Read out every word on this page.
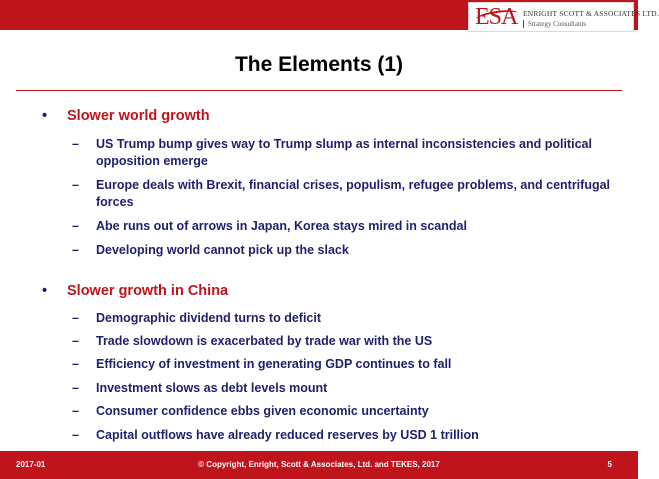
ESA ENRIGHT SCOTT & ASSOCIATES LTD.
Strategy Consultants
The Elements (1)
• Slower world growth
– US Trump bump gives way to Trump slump as internal inconsistencies and political opposition emerge
– Europe deals with Brexit, financial crises, populism, refugee problems, and centrifugal forces
– Abe runs out of arrows in Japan, Korea stays mired in scandal
– Developing world cannot pick up the slack
• Slower growth in China
– Demographic dividend turns to deficit
– Trade slowdown is exacerbated by trade war with the US
– Efficiency of investment in generating GDP continues to fall
– Investment slows as debt levels mount
– Consumer confidence ebbs given economic uncertainty
– Capital outflows have already reduced reserves by USD 1 trillion
2017-01	© Copyright, Enright, Scott & Associates, Ltd. and TEKES, 2017	5
